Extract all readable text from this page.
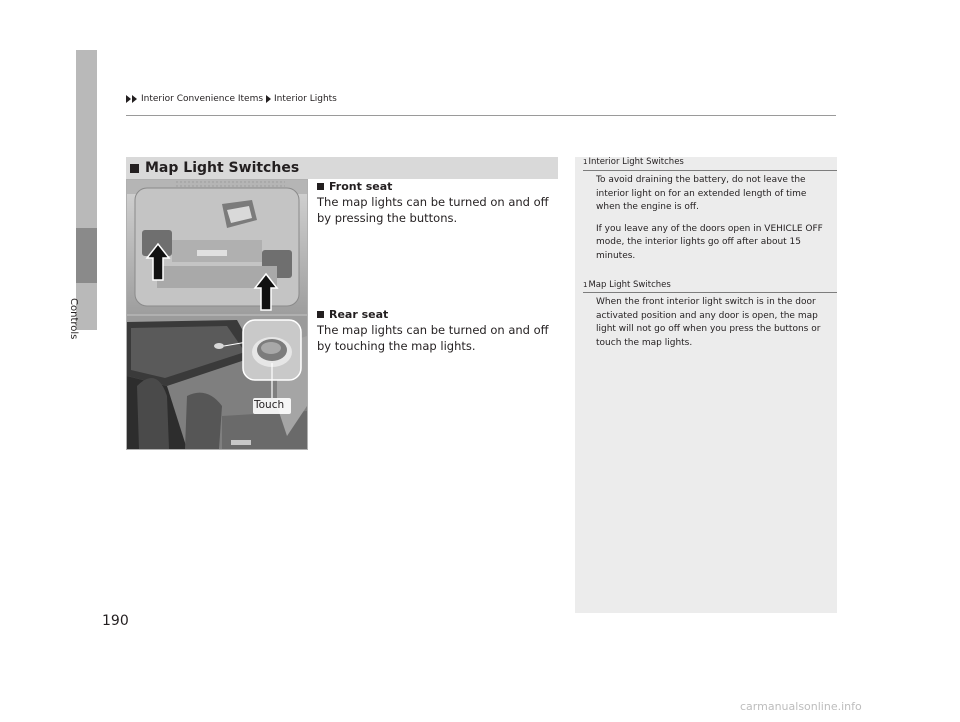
Controls
Interior Convenience Items Interior Lights
Map Light Switches
Touch
Front seat
The map lights can be turned on and off by pressing the buttons.
Rear seat
The map lights can be turned on and off by touching the map lights.
1 Interior Light Switches

To avoid draining the battery, do not leave the interior light on for an extended length of time when the engine is off.

If you leave any of the doors open in VEHICLE OFF mode, the interior lights go off after about 15 minutes.

1 Map Light Switches

When the front interior light switch is in the door activated position and any door is open, the map light will not go off when you press the buttons or touch the map lights.

190
carmanualsonline.info
